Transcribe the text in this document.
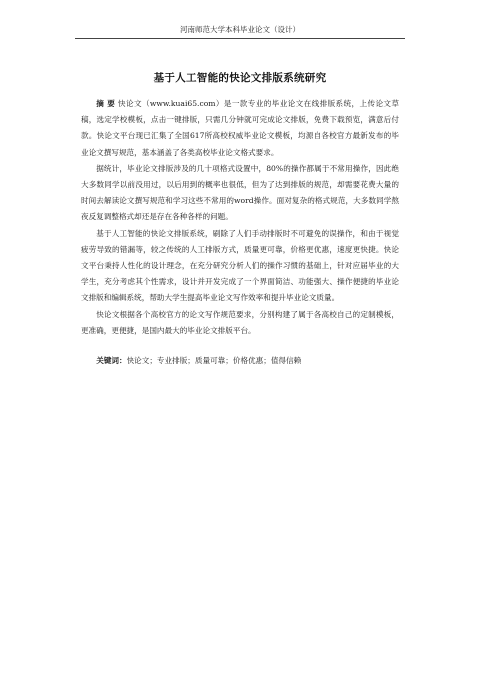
河南师范大学本科毕业论文（设计）
基于人工智能的快论文排版系统研究

摘 要 快论文（www.kuai65.com）是一款专业的毕业论文在线排版系统，上传论文草稿，选定学校模板，点击一键排版，只需几分钟就可完成论文排版，免费下载预览，满意后付款。快论文平台现已汇集了全国617所高校权威毕业论文模板，均源自各校官方最新发布的毕业论文撰写规范，基本涵盖了各类高校毕业论文格式要求。

据统计，毕业论文排版涉及的几十项格式设置中，80%的操作都属于不常用操作，因此绝大多数同学以前没用过，以后用到的概率也很低，但为了达到排版的规范，却需要花费大量的时间去解读论文撰写规范和学习这些不常用的word操作。面对复杂的格式规范，大多数同学熬夜反复调整格式却还是存在各种各样的问题。

基于人工智能的快论文排版系统，刷除了人们手动排版时不可避免的误操作，和由于视觉疲劳导致的错漏等，较之传统的人工排版方式，质量更可靠，价格更优惠，速度更快捷。快论文平台秉持人性化的设计理念，在充分研究分析人们的操作习惯的基础上，针对应届毕业的大学生，充分考虑其个性需求，设计并开发完成了一个界面简洁、功能强大、操作便捷的毕业论文排版和编辑系统，帮助大学生提高毕业论文写作效率和提升毕业论文质量。

快论文根据各个高校官方的论文写作规范要求，分别构建了属于各高校自己的定制模板，更准确，更便捷，是国内最大的毕业论文排版平台。

关键词：快论文；专业排版；质量可靠；价格优惠；值得信赖
